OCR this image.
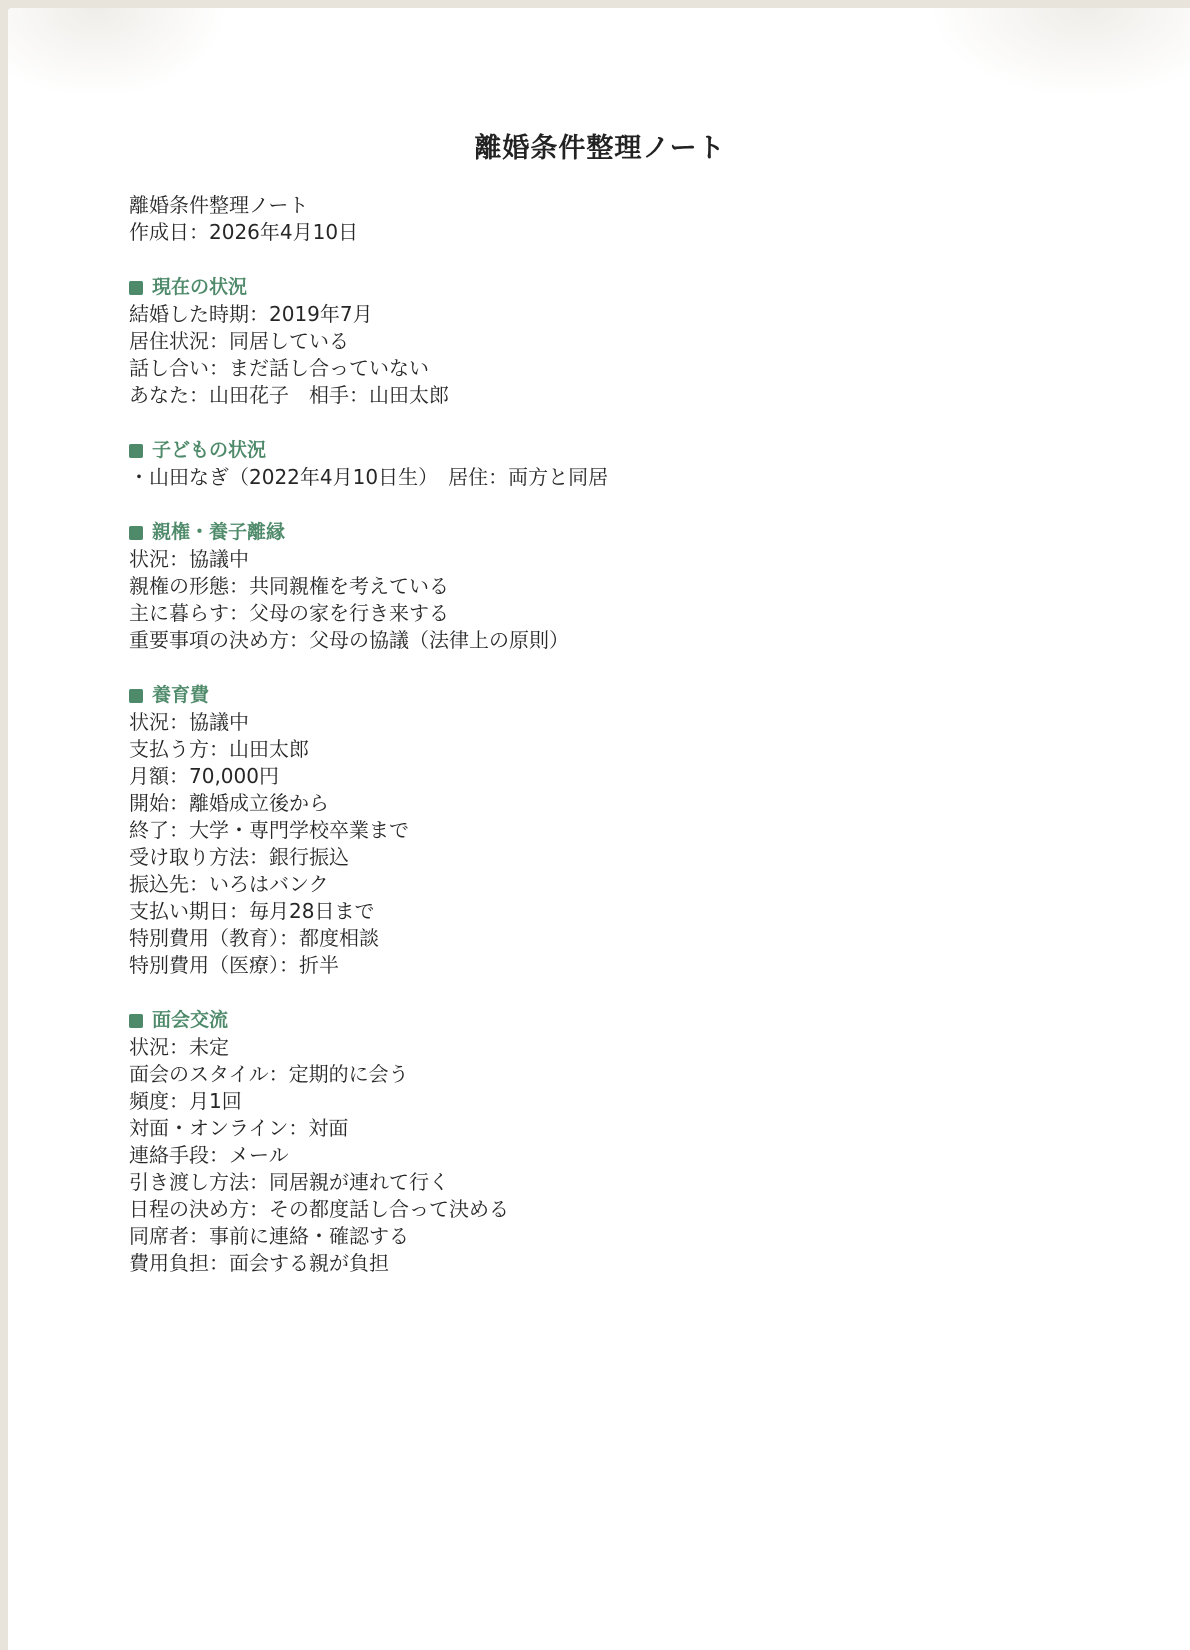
離婚条件整理ノート
離婚条件整理ノート
作成日：2026年4月10日
現在の状況
結婚した時期：2019年7月
居住状況：同居している
話し合い：まだ話し合っていない
あなた：山田花子　相手：山田太郎
子どもの状況
・山田なぎ（2022年4月10日生）　居住：両方と同居
親権・養子離縁
状況：協議中
親権の形態：共同親権を考えている
主に暮らす：父母の家を行き来する
重要事項の決め方：父母の協議（法律上の原則）
養育費
状況：協議中
支払う方：山田太郎
月額：70,000円
開始：離婚成立後から
終了：大学・専門学校卒業まで
受け取り方法：銀行振込
振込先：いろはバンク
支払い期日：毎月28日まで
特別費用（教育）：都度相談
特別費用（医療）：折半
面会交流
状況：未定
面会のスタイル：定期的に会う
頻度：月1回
対面・オンライン：対面
連絡手段：メール
引き渡し方法：同居親が連れて行く
日程の決め方：その都度話し合って決める
同席者：事前に連絡・確認する
費用負担：面会する親が負担
